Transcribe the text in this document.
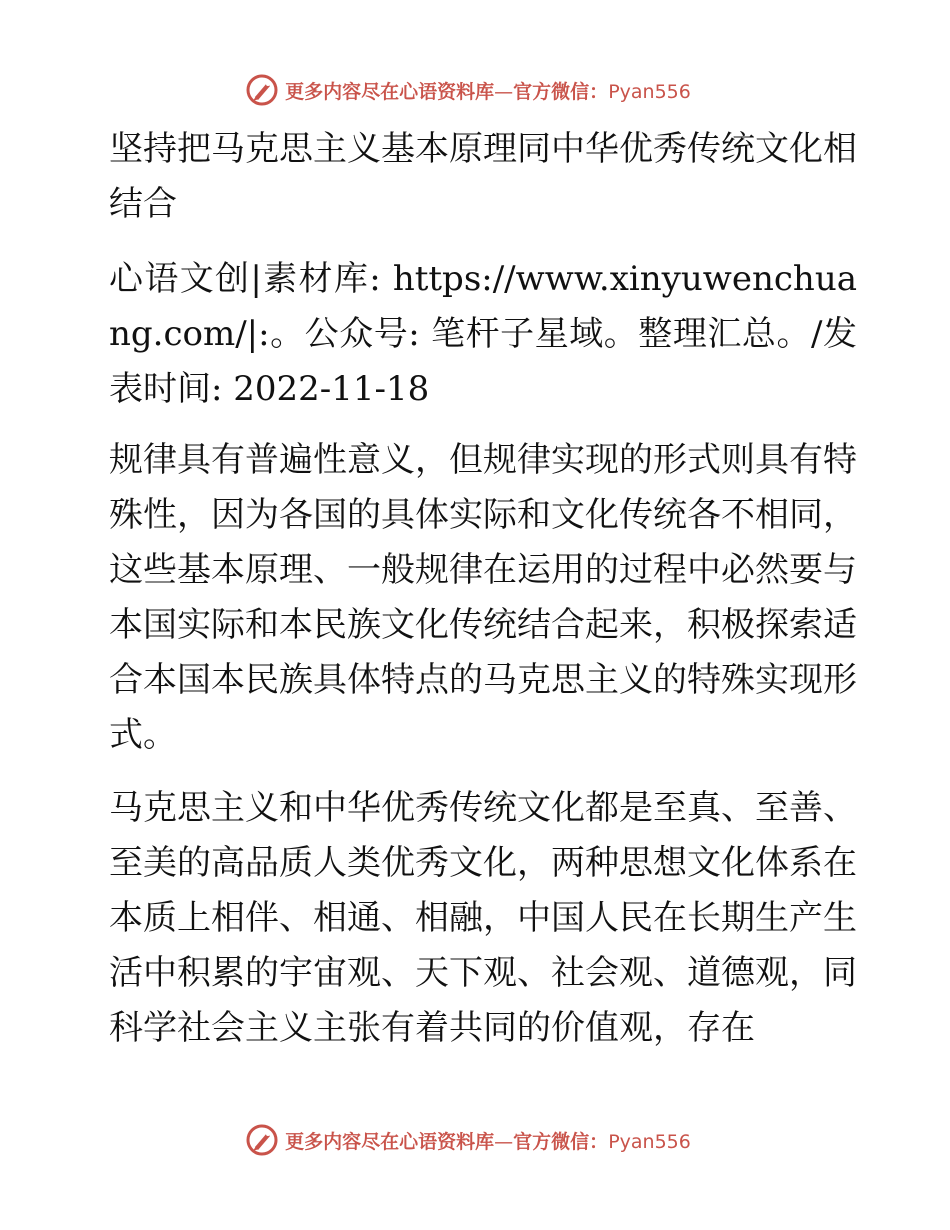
更多内容尽在心语资料库—官方微信：Pyan556

坚持把马克思主义基本原理同中华优秀传统文化相结合

心语文创|素材库: https://www.xinyuwenchuang.com/|:。公众号: 笔杆子星域。整理汇总。/发表时间: 2022-11-18

规律具有普遍性意义，但规律实现的形式则具有特殊性，因为各国的具体实际和文化传统各不相同，这些基本原理、一般规律在运用的过程中必然要与本国实际和本民族文化传统结合起来，积极探索适合本国本民族具体特点的马克思主义的特殊实现形式。

马克思主义和中华优秀传统文化都是至真、至善、至美的高品质人类优秀文化，两种思想文化体系在本质上相伴、相通、相融，中国人民在长期生产生活中积累的宇宙观、天下观、社会观、道德观，同科学社会主义主张有着共同的价值观，存在

更多内容尽在心语资料库—官方微信：Pyan556
